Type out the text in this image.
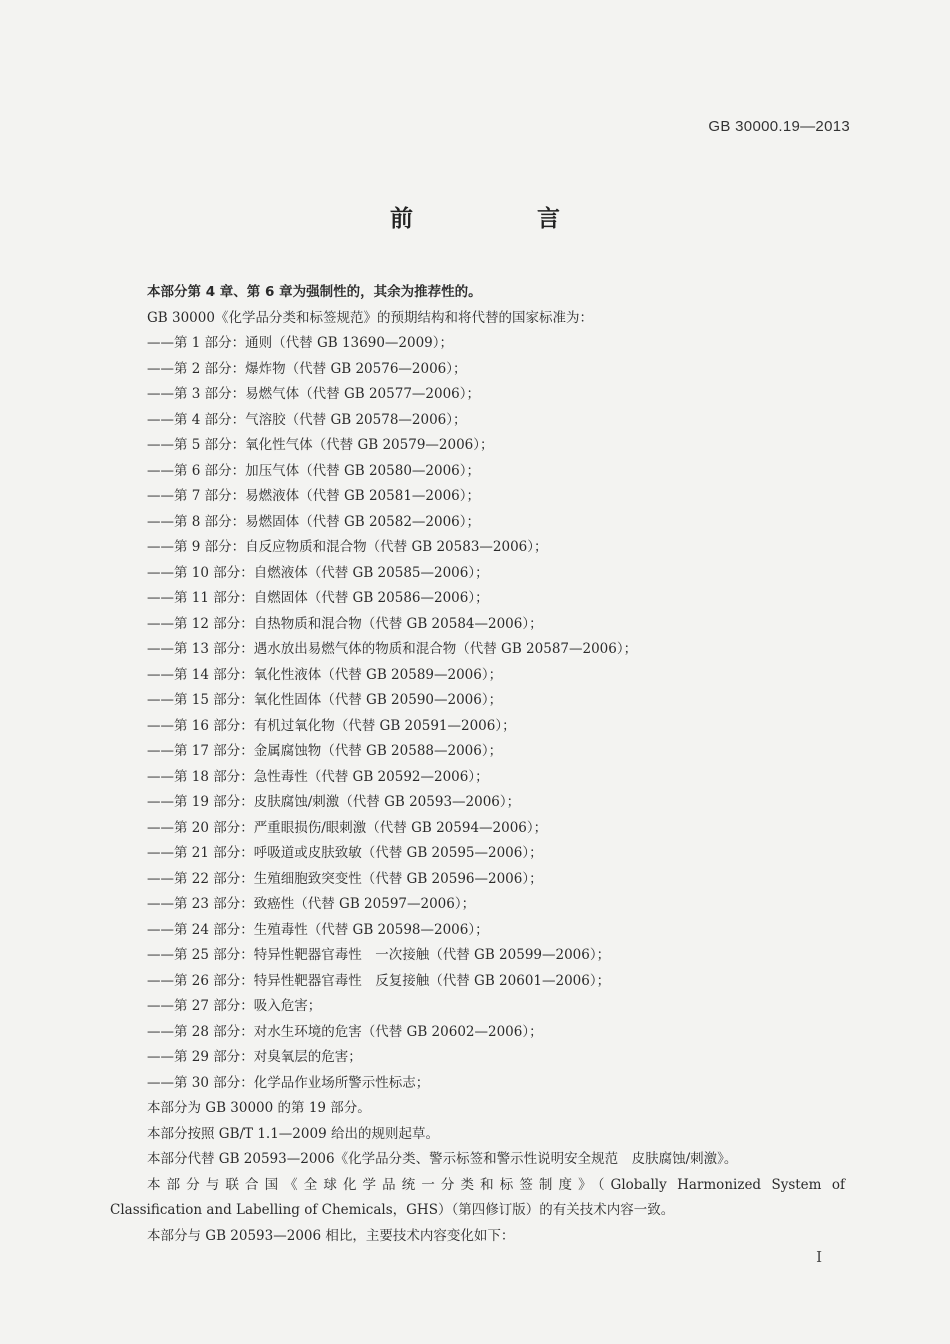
GB 30000.19—2013
前 言
本部分第 4 章、第 6 章为强制性的，其余为推荐性的。
GB 30000《化学品分类和标签规范》的预期结构和将代替的国家标准为：
——第 1 部分：通则（代替 GB 13690—2009）；
——第 2 部分：爆炸物（代替 GB 20576—2006）；
——第 3 部分：易燃气体（代替 GB 20577—2006）；
——第 4 部分：气溶胶（代替 GB 20578—2006）；
——第 5 部分：氧化性气体（代替 GB 20579—2006）；
——第 6 部分：加压气体（代替 GB 20580—2006）；
——第 7 部分：易燃液体（代替 GB 20581—2006）；
——第 8 部分：易燃固体（代替 GB 20582—2006）；
——第 9 部分：自反应物质和混合物（代替 GB 20583—2006）；
——第 10 部分：自燃液体（代替 GB 20585—2006）；
——第 11 部分：自燃固体（代替 GB 20586—2006）；
——第 12 部分：自热物质和混合物（代替 GB 20584—2006）；
——第 13 部分：遇水放出易燃气体的物质和混合物（代替 GB 20587—2006）；
——第 14 部分：氧化性液体（代替 GB 20589—2006）；
——第 15 部分：氧化性固体（代替 GB 20590—2006）；
——第 16 部分：有机过氧化物（代替 GB 20591—2006）；
——第 17 部分：金属腐蚀物（代替 GB 20588—2006）；
——第 18 部分：急性毒性（代替 GB 20592—2006）；
——第 19 部分：皮肤腐蚀/刺激（代替 GB 20593—2006）；
——第 20 部分：严重眼损伤/眼刺激（代替 GB 20594—2006）；
——第 21 部分：呼吸道或皮肤致敏（代替 GB 20595—2006）；
——第 22 部分：生殖细胞致突变性（代替 GB 20596—2006）；
——第 23 部分：致癌性（代替 GB 20597—2006）；
——第 24 部分：生殖毒性（代替 GB 20598—2006）；
——第 25 部分：特异性靶器官毒性　一次接触（代替 GB 20599—2006）；
——第 26 部分：特异性靶器官毒性　反复接触（代替 GB 20601—2006）；
——第 27 部分：吸入危害；
——第 28 部分：对水生环境的危害（代替 GB 20602—2006）；
——第 29 部分：对臭氧层的危害；
——第 30 部分：化学品作业场所警示性标志；
本部分为 GB 30000 的第 19 部分。
本部分按照 GB/T 1.1—2009 给出的规则起草。
本部分代替 GB 20593—2006《化学品分类、警示标签和警示性说明安全规范　皮肤腐蚀/刺激》。
本部分与联合国《全球化学品统一分类和标签制度》（Globally Harmonized System of
Classification and Labelling of Chemicals，GHS）（第四修订版）的有关技术内容一致。
本部分与 GB 20593—2006 相比，主要技术内容变化如下：
I
